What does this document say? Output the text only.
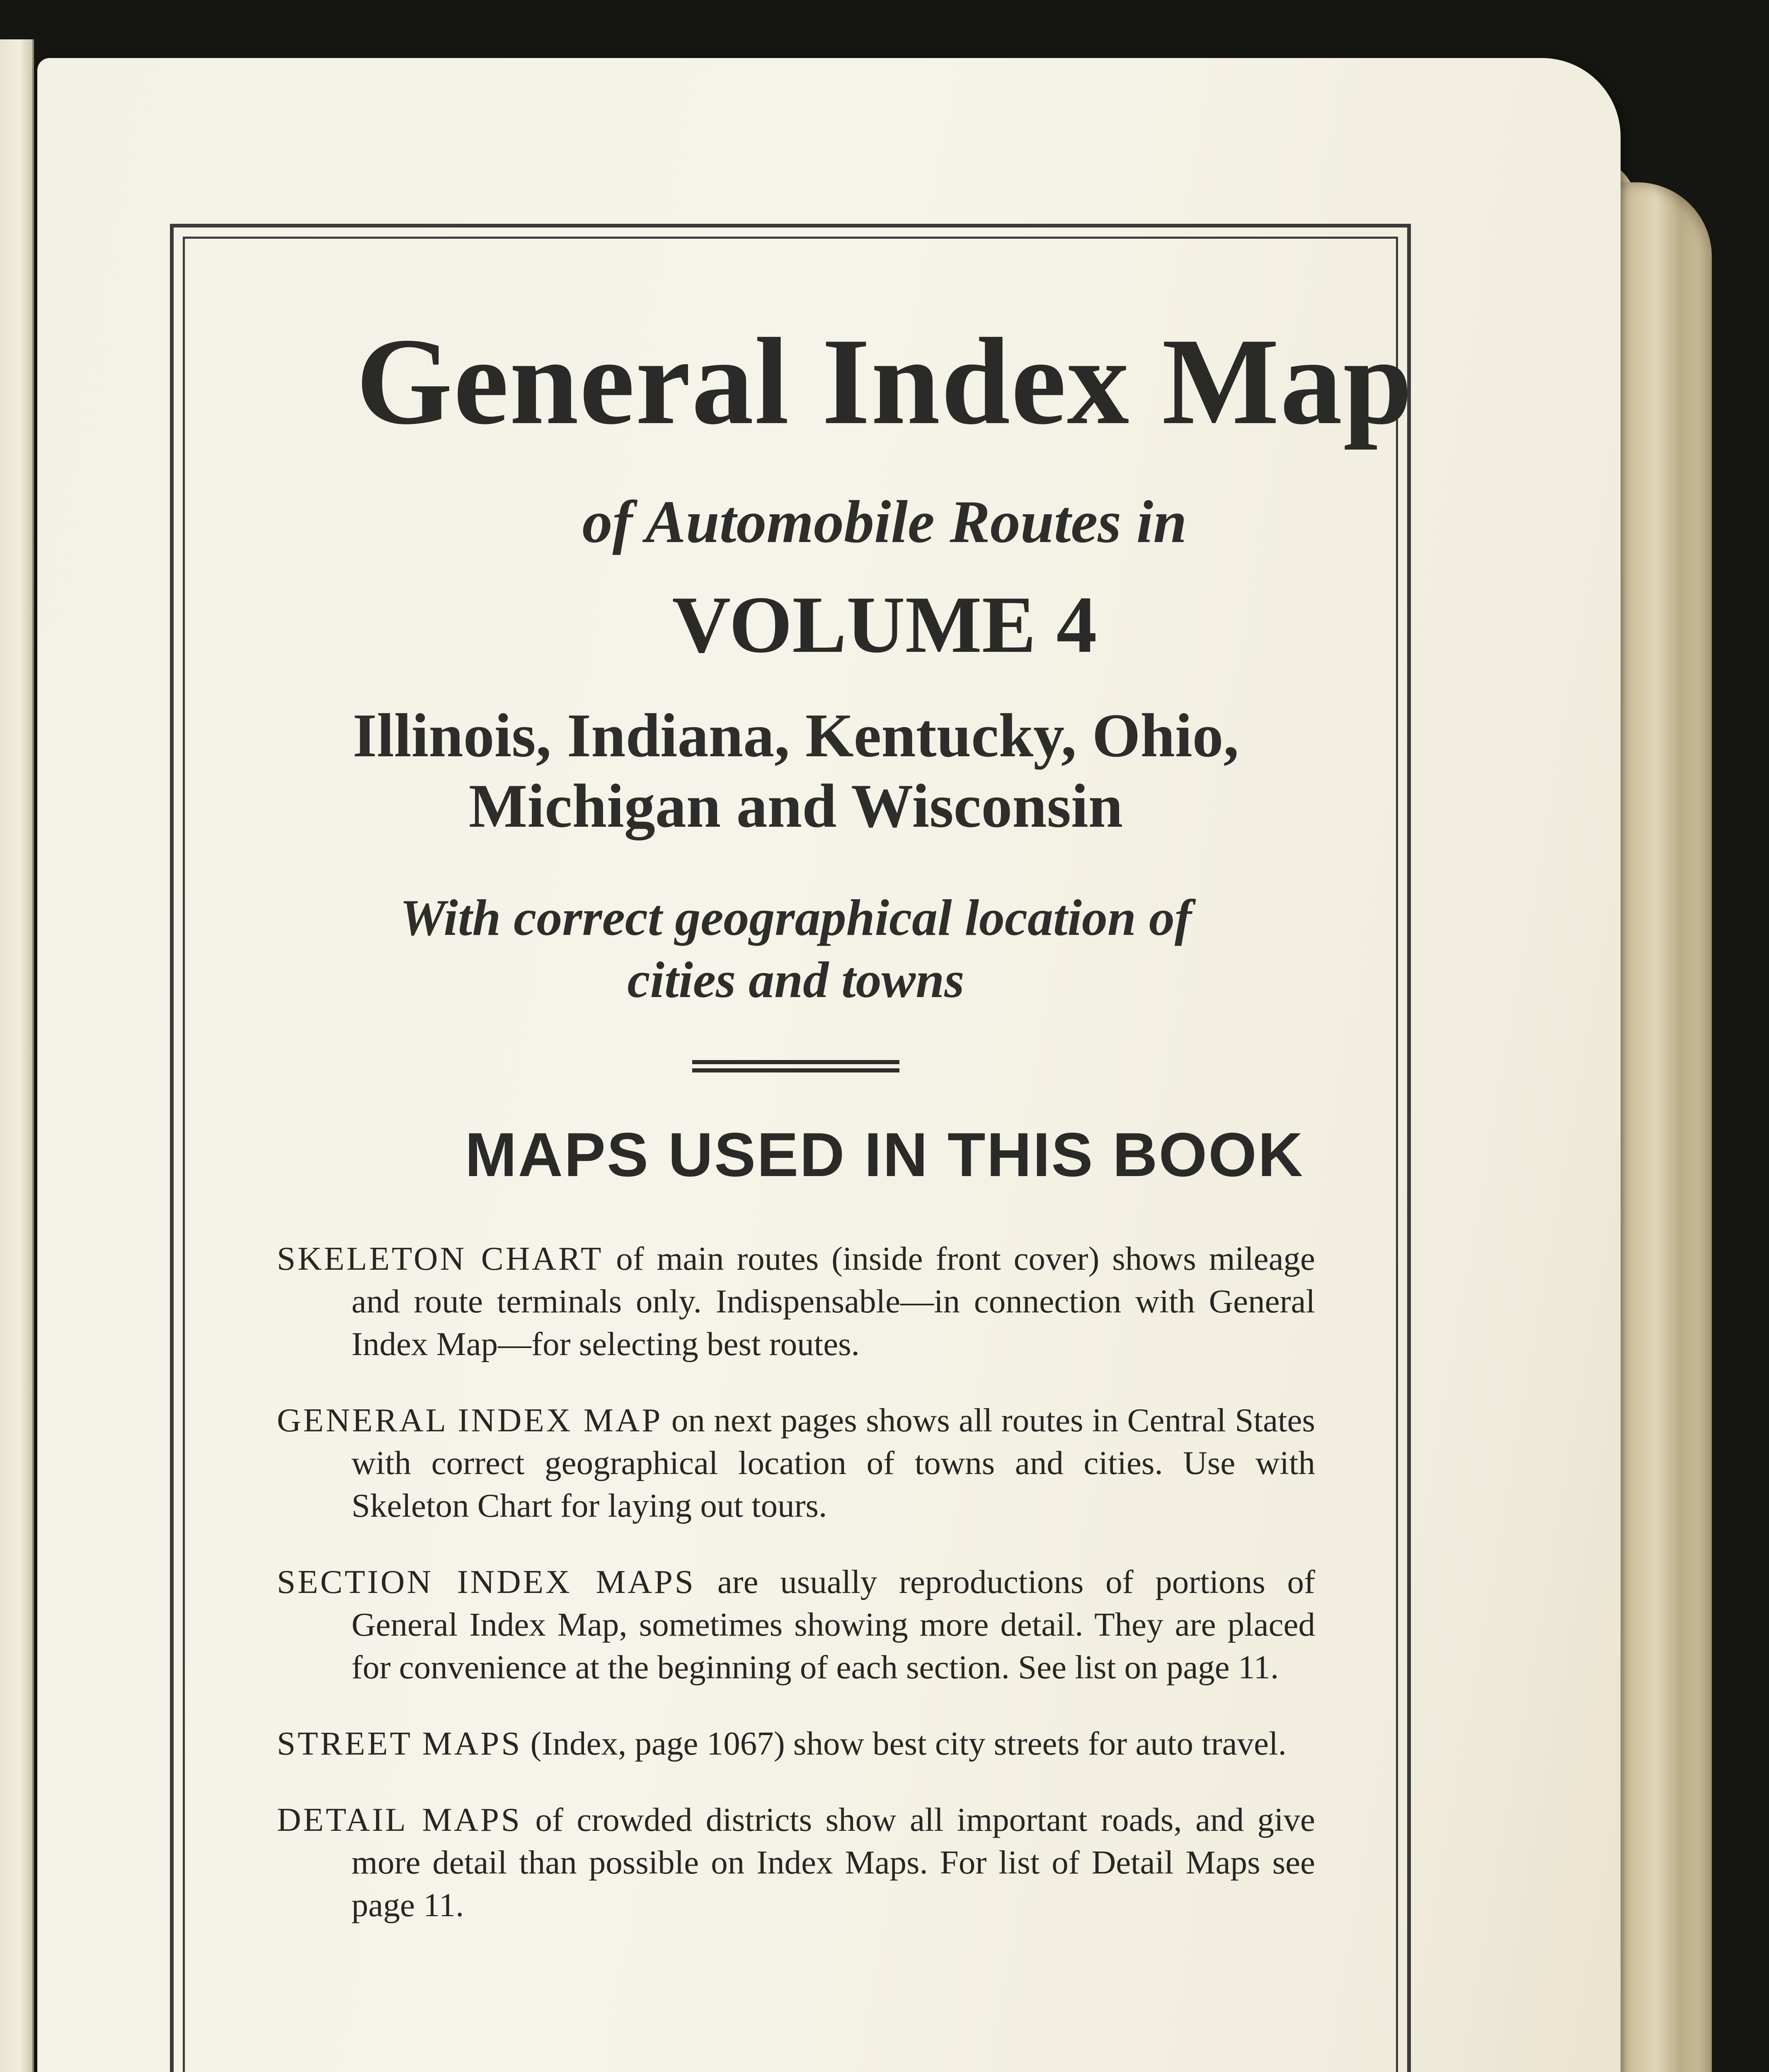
General Index Map
of Automobile Routes in
VOLUME 4
Illinois, Indiana, Kentucky, Ohio,
Michigan and Wisconsin
With correct geographical location of
cities and towns
MAPS USED IN THIS BOOK

SKELETON CHART of main routes (inside front cover) shows mileage and route terminals only. Indispensable—in connection with General Index Map—for selecting best routes.

GENERAL INDEX MAP on next pages shows all routes in Central States with correct geographical location of towns and cities. Use with Skeleton Chart for laying out tours.

SECTION INDEX MAPS are usually reproductions of portions of General Index Map, sometimes showing more detail. They are placed for convenience at the beginning of each section. See list on page 11.

STREET MAPS (Index, page 1067) show best city streets for auto travel.

DETAIL MAPS of crowded districts show all important roads, and give more detail than possible on Index Maps. For list of Detail Maps see page 11.
